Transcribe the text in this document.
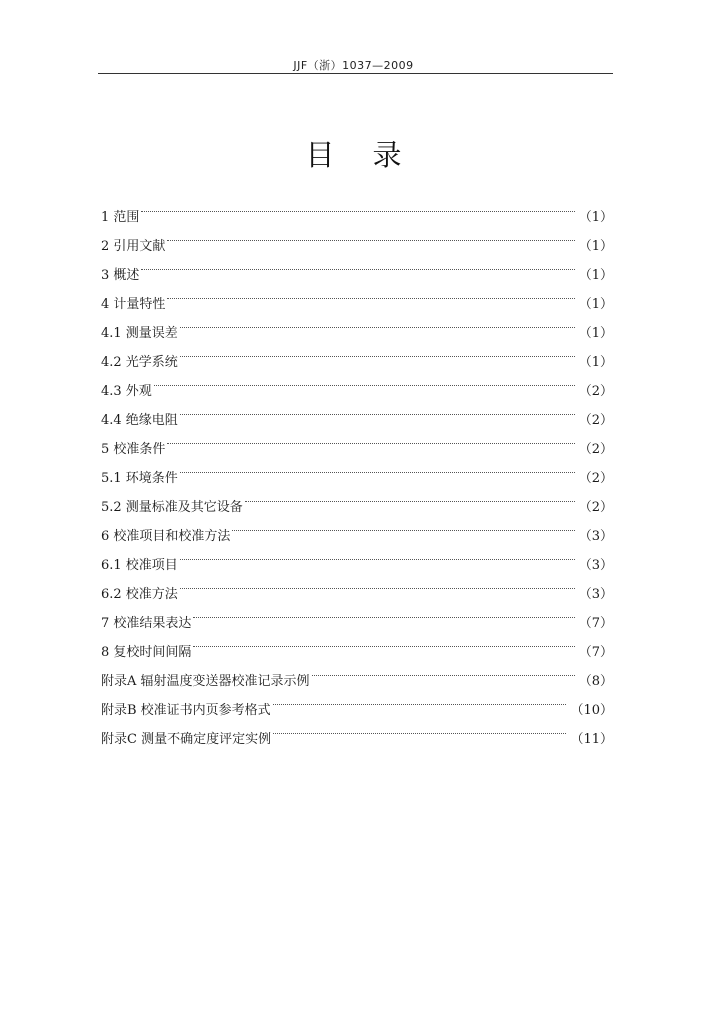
JJF（浙）1037—2009
目录
1 范围	（1）
2 引用文献	（1）
3 概述	（1）
4 计量特性	（1）
4.1 测量误差	（1）
4.2 光学系统	（1）
4.3 外观	（2）
4.4 绝缘电阻	（2）
5 校准条件	（2）
5.1 环境条件	（2）
5.2 测量标准及其它设备	（2）
6 校准项目和校准方法	（3）
6.1 校准项目	（3）
6.2 校准方法	（3）
7 校准结果表达	（7）
8 复校时间间隔	（7）
附录A 辐射温度变送器校准记录示例	（8）
附录B 校准证书内页参考格式	（10）
附录C 测量不确定度评定实例	（11）
